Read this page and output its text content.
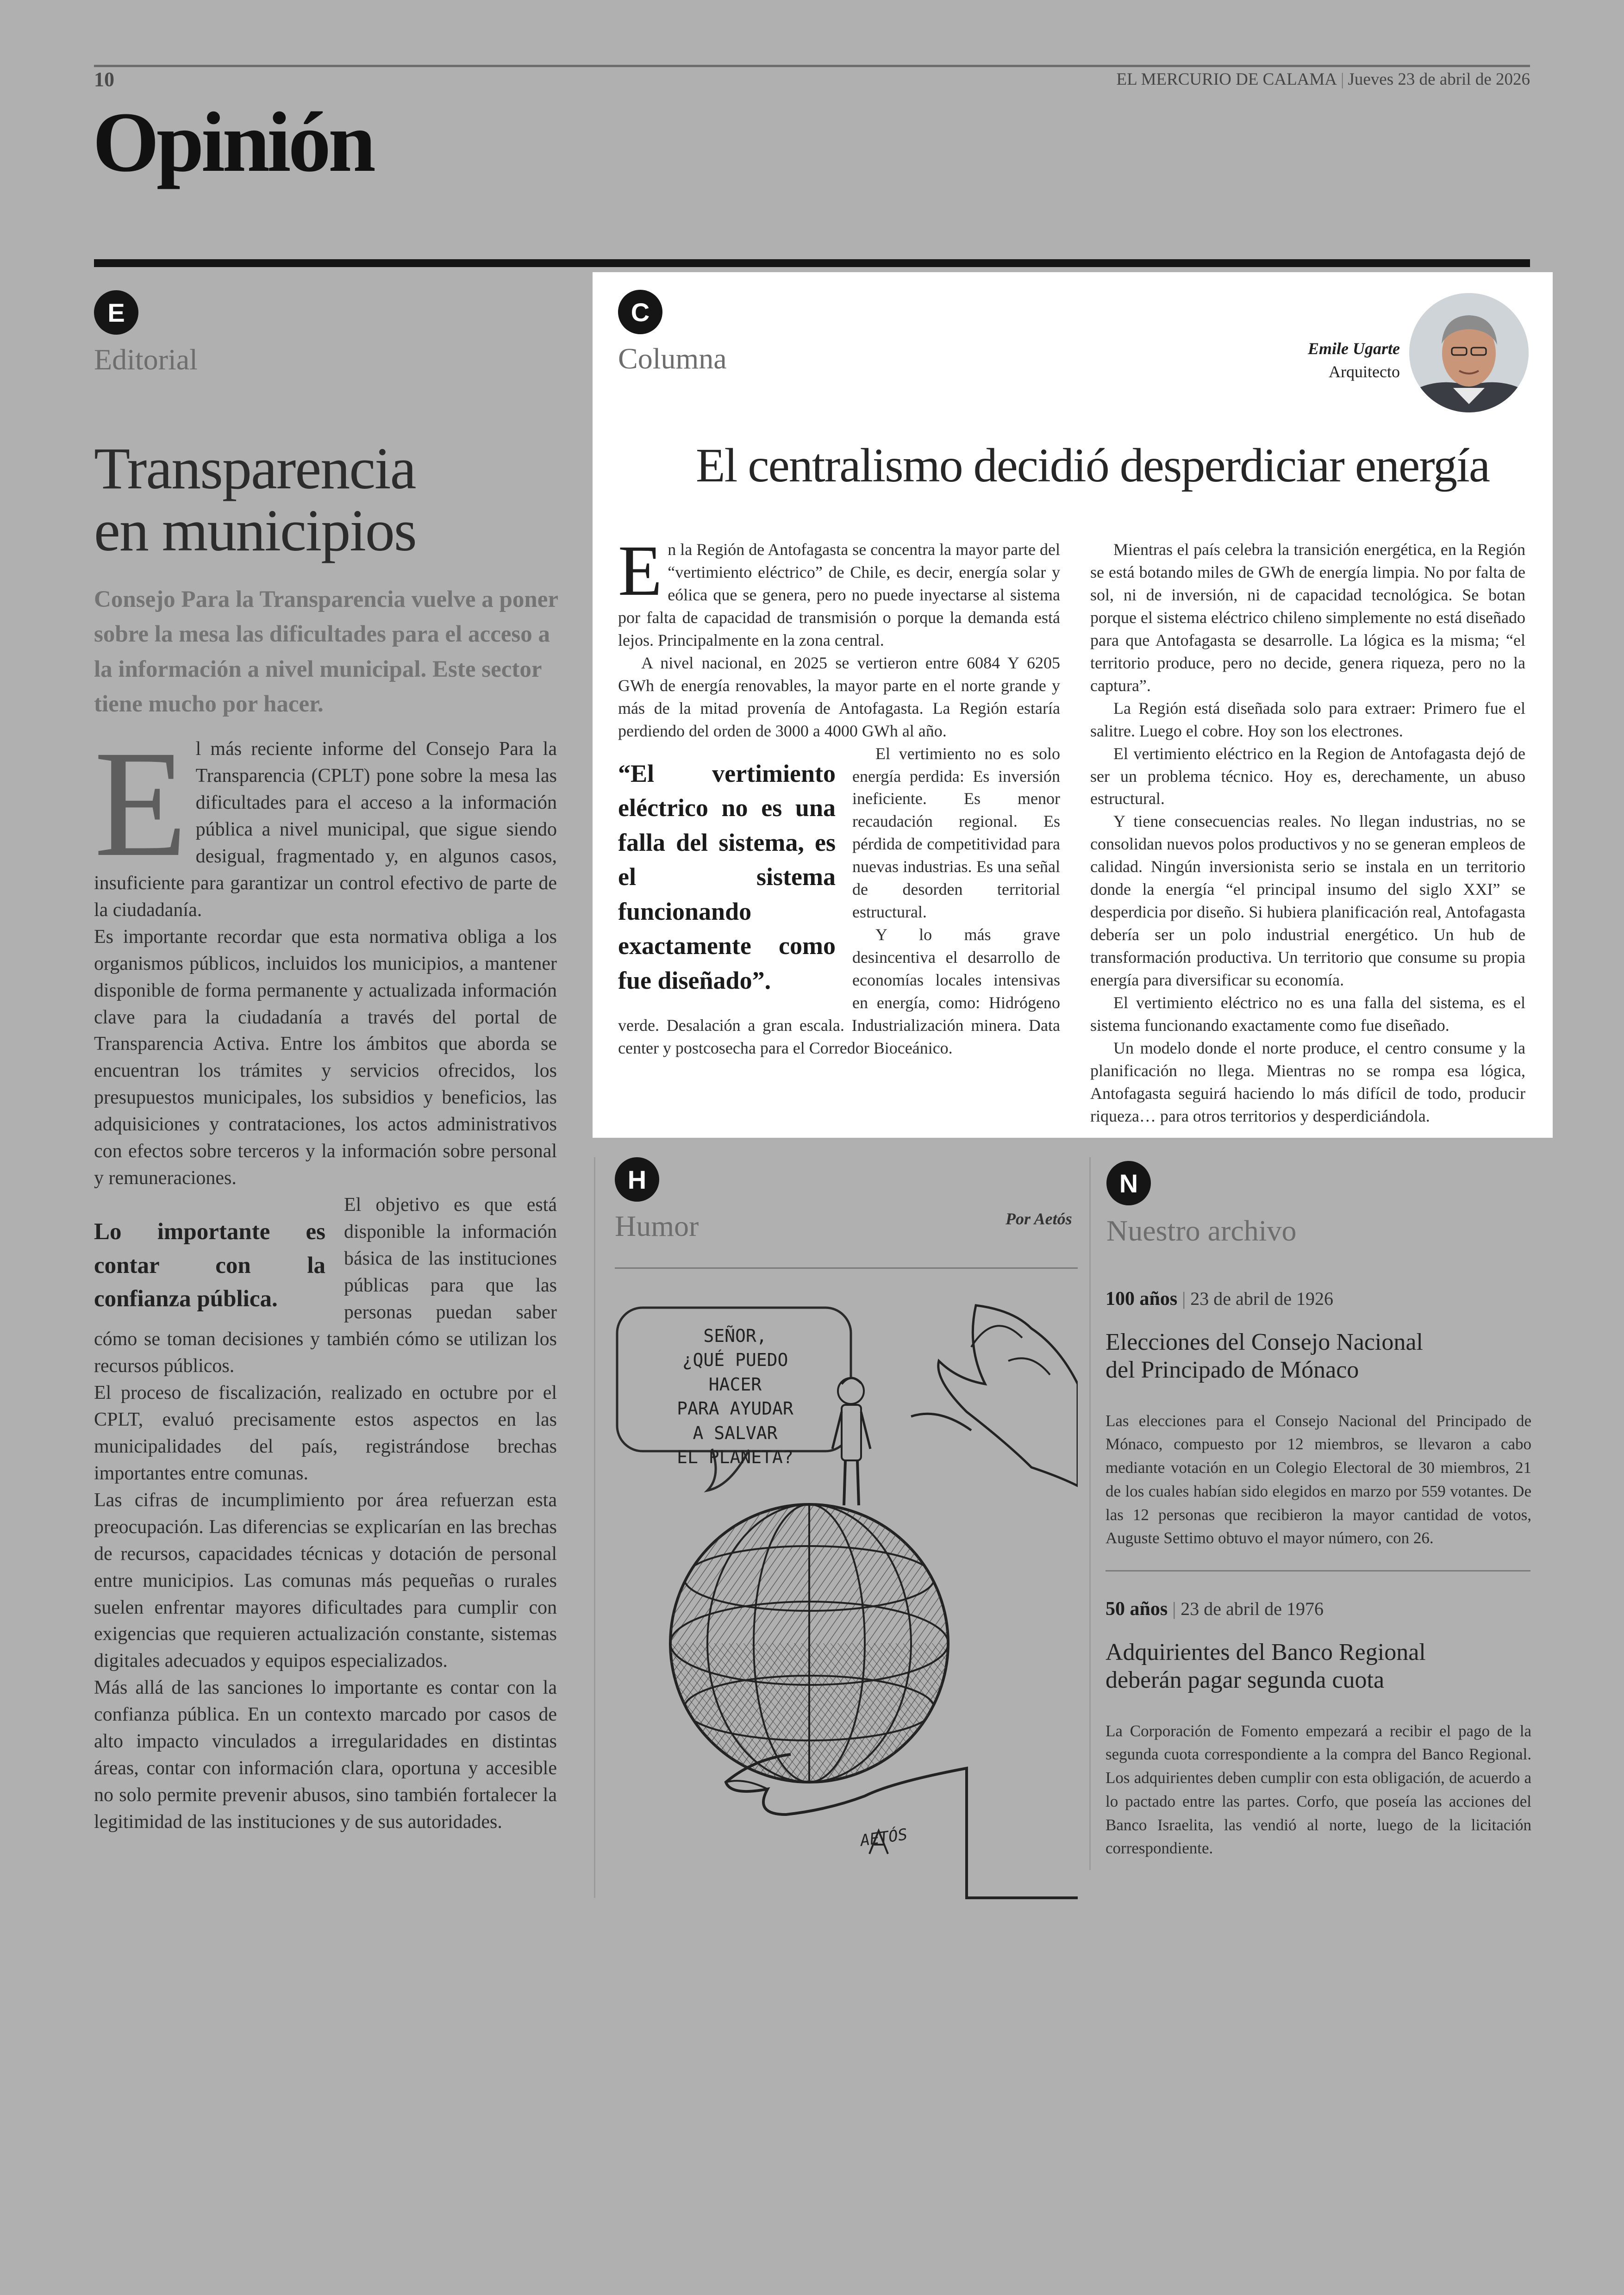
10	EL MERCURIO DE CALAMA | Jueves 23 de abril de 2026
Opinión
E
Editorial
Transparencia
en municipios
Consejo Para la Transparencia vuelve a poner sobre la mesa las dificultades para el acceso a la información a nivel municipal. Este sector tiene mucho por hacer.
E l más reciente informe del Consejo Para la Transparencia (CPLT) pone sobre la mesa las dificultades para el acceso a la información pública a nivel municipal, que sigue siendo desigual, fragmentado y, en algunos casos, insuficiente para garantizar un control efectivo de parte de la ciudadanía.

Es importante recordar que esta normativa obliga a los organismos públicos, incluidos los municipios, a mantener disponible de forma permanente y actualizada información clave para la ciudadanía a través del portal de Transparencia Activa. Entre los ámbitos que aborda se encuentran los trámites y servicios ofrecidos, los presupuestos municipales, los subsidios y beneficios, las adquisiciones y contrataciones, los actos administrativos con efectos sobre terceros y la información sobre personal y remuneraciones.

Lo importante es contar con la confianza pública.

El objetivo es que está disponible la información básica de las instituciones públicas para que las personas puedan saber cómo se toman decisiones y también cómo se utilizan los recursos públicos.

El proceso de fiscalización, realizado en octubre por el CPLT, evaluó precisamente estos aspectos en las municipalidades del país, registrándose brechas importantes entre comunas.

Las cifras de incumplimiento por área refuerzan esta preocupación. Las diferencias se explicarían en las brechas de recursos, capacidades técnicas y dotación de personal entre municipios. Las comunas más pequeñas o rurales suelen enfrentar mayores dificultades para cumplir con exigencias que requieren actualización constante, sistemas digitales adecuados y equipos especializados.

Más allá de las sanciones lo importante es contar con la confianza pública. En un contexto marcado por casos de alto impacto vinculados a irregularidades en distintas áreas, contar con información clara, oportuna y accesible no solo permite prevenir abusos, sino también fortalecer la legitimidad de las instituciones y de sus autoridades.

C
Columna	Emile Ugarte
Arquitecto
El centralismo decidió desperdiciar energía
E n la Región de Antofagasta se concentra la mayor parte del “vertimiento eléctrico” de Chile, es decir, energía solar y eólica que se genera, pero no puede inyectarse al sistema por falta de capacidad de transmisión o porque la demanda está lejos. Principalmente en la zona central.

A nivel nacional, en 2025 se vertieron entre 6084 Y 6205 GWh de energía renovables, la mayor parte en el norte grande y más de la mitad provenía de Antofagasta. La Región estaría perdiendo del orden de 3000 a 4000 GWh al año.

“El vertimiento eléctrico no es una falla del sistema, es el sistema funcionando exactamente como fue diseñado”.

El vertimiento no es solo energía perdida: Es inversión ineficiente. Es menor recaudación regional. Es pérdida de competitividad para nuevas industrias. Es una señal de desorden territorial estructural.

Y lo más grave desincentiva el desarrollo de economías locales intensivas en energía, como: Hidrógeno verde. Desalación a gran escala. Industrialización minera. Data center y postcosecha para el Corredor Bioceánico.

Mientras el país celebra la transición energética, en la Región se está botando miles de GWh de energía limpia. No por falta de sol, ni de inversión, ni de capacidad tecnológica. Se botan porque el sistema eléctrico chileno simplemente no está diseñado para que Antofagasta se desarrolle. La lógica es la misma; “el territorio produce, pero no decide, genera riqueza, pero no la captura”.

La Región está diseñada solo para extraer: Primero fue el salitre. Luego el cobre. Hoy son los electrones.

El vertimiento eléctrico en la Region de Antofagasta dejó de ser un problema técnico. Hoy es, derechamente, un abuso estructural.

Y tiene consecuencias reales. No llegan industrias, no se consolidan nuevos polos productivos y no se generan empleos de calidad. Ningún inversionista serio se instala en un territorio donde la energía “el principal insumo del siglo XXI” se desperdicia por diseño. Si hubiera planificación real, Antofagasta debería ser un polo industrial energético. Un hub de transformación productiva. Un territorio que consume su propia energía para diversificar su economía.

El vertimiento eléctrico no es una falla del sistema, es el sistema funcionando exactamente como fue diseñado.

Un modelo donde el norte produce, el centro consume y la planificación no llega. Mientras no se rompa esa lógica, Antofagasta seguirá haciendo lo más difícil de todo, producir riqueza… para otros territorios y desperdiciándola.

H
Humor	Por Aetós
SEÑOR,
¿QUÉ PUEDO HACER
PARA AYUDAR
A SALVAR
EL PLANETA?
AETÓS
N
Nuestro archivo
100 años | 23 de abril de 1926
Elecciones del Consejo Nacional
del Principado de Mónaco
Las elecciones para el Consejo Nacional del Principado de Mónaco, compuesto por 12 miembros, se llevaron a cabo mediante votación en un Colegio Electoral de 30 miembros, 21 de los cuales habían sido elegidos en marzo por 559 votantes. De las 12 personas que recibieron la mayor cantidad de votos, Auguste Settimo obtuvo el mayor número, con 26.
50 años | 23 de abril de 1976
Adquirientes del Banco Regional
deberán pagar segunda cuota
La Corporación de Fomento empezará a recibir el pago de la segunda cuota correspondiente a la compra del Banco Regional. Los adquirientes deben cumplir con esta obligación, de acuerdo a lo pactado entre las partes. Corfo, que poseía las acciones del Banco Israelita, las vendió al norte, luego de la licitación correspondiente.
